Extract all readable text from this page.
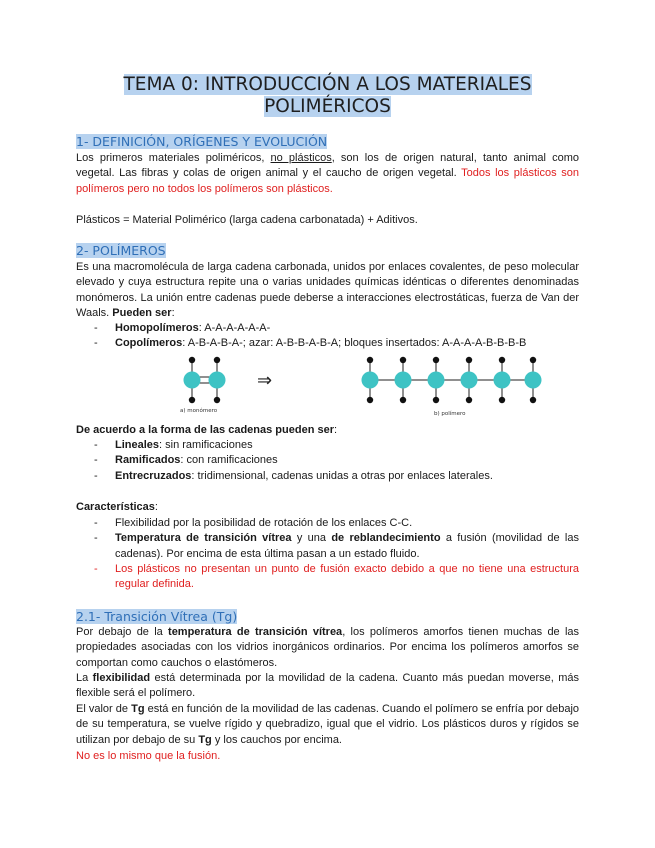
TEMA 0: INTRODUCCIÓN A LOS MATERIALES
POLIMÉRICOS
1- DEFINICIÓN, ORÍGENES Y EVOLUCIÓN
Los primeros materiales poliméricos, no plásticos, son los de origen natural, tanto animal como vegetal. Las fibras y colas de origen animal y el caucho de origen vegetal. Todos los plásticos son polímeros pero no todos los polímeros son plásticos.
Plásticos = Material Polimérico (larga cadena carbonatada) + Aditivos.
2- POLÍMEROS
Es una macromolécula de larga cadena carbonada, unidos por enlaces covalentes, de peso molecular elevado y cuya estructura repite una o varias unidades químicas idénticas o diferentes denominadas monómeros. La unión entre cadenas puede deberse a interacciones electrostáticas, fuerza de Van der Waals. Pueden ser:
- Homopolímeros: A-A-A-A-A-A-
- Copolímeros: A-B-A-B-A-; azar: A-B-B-A-B-A; bloques insertados: A-A-A-A-B-B-B-B
⇒
a) monómero	b) polímero
De acuerdo a la forma de las cadenas pueden ser:
- Lineales: sin ramificaciones
- Ramificados: con ramificaciones
- Entrecruzados: tridimensional, cadenas unidas a otras por enlaces laterales.
Características:
- Flexibilidad por la posibilidad de rotación de los enlaces C-C.
- Temperatura de transición vítrea y una de reblandecimiento a fusión (movilidad de las cadenas). Por encima de esta última pasan a un estado fluido.
- Los plásticos no presentan un punto de fusión exacto debido a que no tiene una estructura regular definida.
2.1- Transición Vítrea (Tg)
Por debajo de la temperatura de transición vítrea, los polímeros amorfos tienen muchas de las propiedades asociadas con los vidrios inorgánicos ordinarios. Por encima los polímeros amorfos se comportan como cauchos o elastómeros.
La flexibilidad está determinada por la movilidad de la cadena. Cuanto más puedan moverse, más flexible será el polímero.
El valor de Tg está en función de la movilidad de las cadenas. Cuando el polímero se enfría por debajo de su temperatura, se vuelve rígido y quebradizo, igual que el vidrio. Los plásticos duros y rígidos se utilizan por debajo de su Tg y los cauchos por encima.
No es lo mismo que la fusión.
